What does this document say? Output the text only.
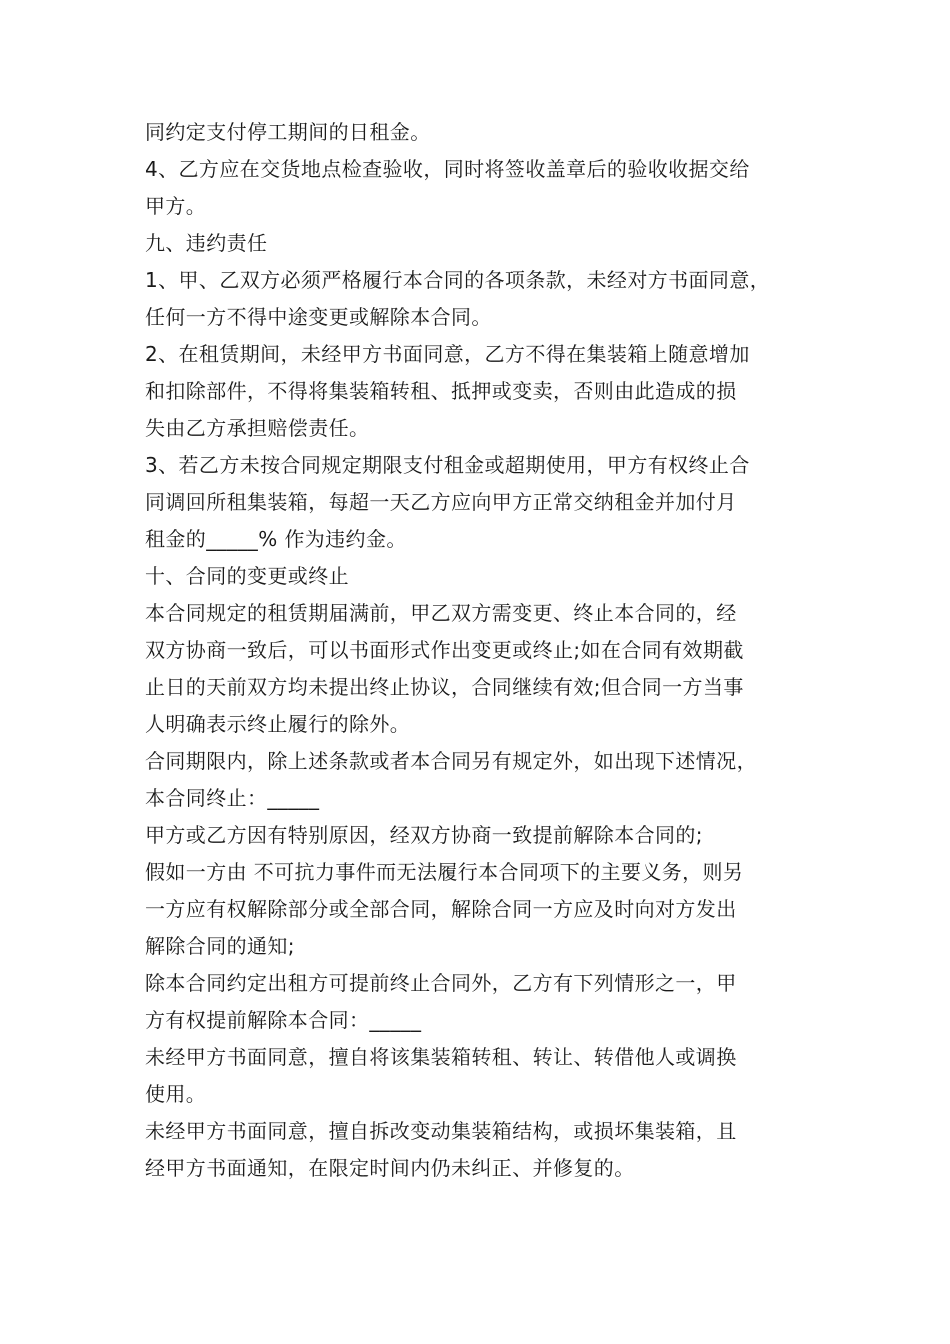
同约定支付停工期间的日租金。
4、乙方应在交货地点检查验收，同时将签收盖章后的验收收据交给
甲方。
九、违约责任
1、甲、乙双方必须严格履行本合同的各项条款，未经对方书面同意，
任何一方不得中途变更或解除本合同。
2、在租赁期间，未经甲方书面同意，乙方不得在集装箱上随意增加
和扣除部件，不得将集装箱转租、抵押或变卖，否则由此造成的损
失由乙方承担赔偿责任。
3、若乙方未按合同规定期限支付租金或超期使用，甲方有权终止合
同调回所租集装箱，每超一天乙方应向甲方正常交纳租金并加付月
租金的_____% 作为违约金。
十、合同的变更或终止
本合同规定的租赁期届满前，甲乙双方需变更、终止本合同的，经
双方协商一致后，可以书面形式作出变更或终止;如在合同有效期截
止日的天前双方均未提出终止协议，合同继续有效;但合同一方当事
人明确表示终止履行的除外。
合同期限内，除上述条款或者本合同另有规定外，如出现下述情况，
本合同终止：_____
甲方或乙方因有特别原因，经双方协商一致提前解除本合同的;
假如一方由 不可抗力事件而无法履行本合同项下的主要义务，则另
一方应有权解除部分或全部合同，解除合同一方应及时向对方发出
解除合同的通知;
除本合同约定出租方可提前终止合同外，乙方有下列情形之一，甲
方有权提前解除本合同：_____
未经甲方书面同意，擅自将该集装箱转租、转让、转借他人或调换
使用。
未经甲方书面同意，擅自拆改变动集装箱结构，或损坏集装箱，且
经甲方书面通知，在限定时间内仍未纠正、并修复的。
